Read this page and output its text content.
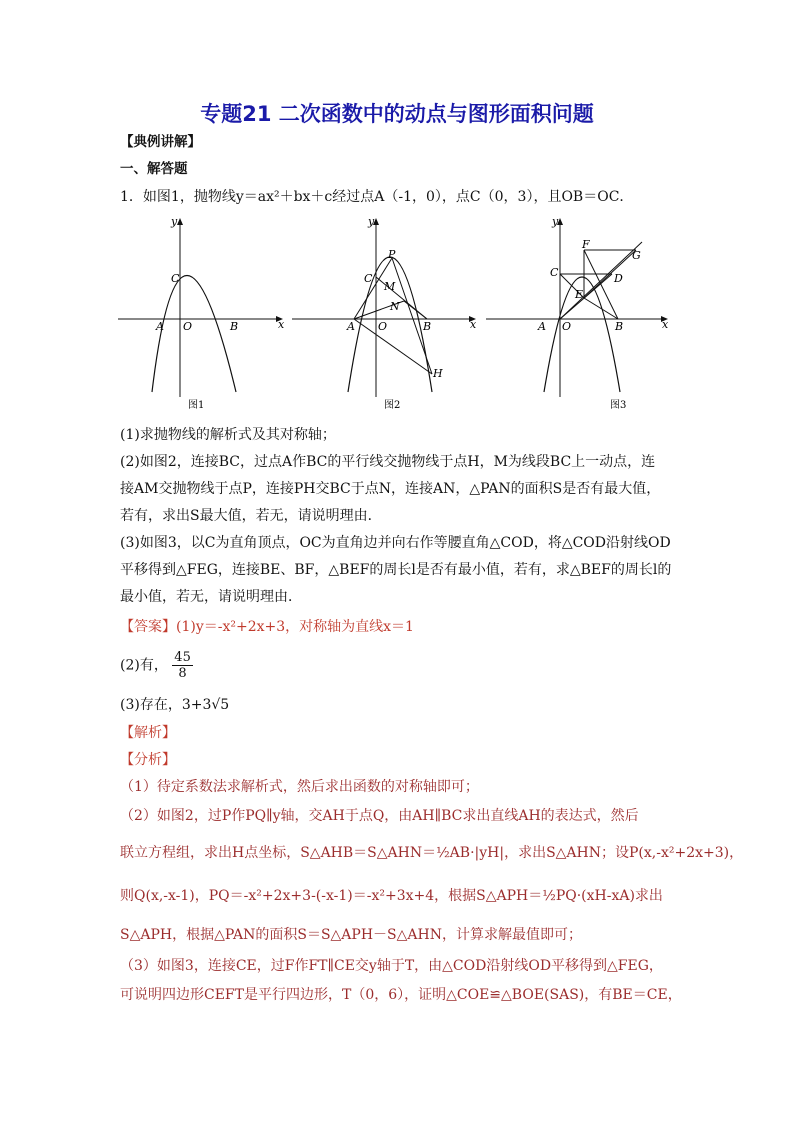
专题21 二次函数中的动点与图形面积问题
【典例讲解】
一、解答题
1．如图1，抛物线y＝ax²＋bx＋c经过点A（-1，0），点C（0，3），且OB＝OC．
y
C
A O	B	x
图1
y
P
C
M
N
A O	B	x
H
图2
y
F
G
C	D
E
A O	B	x
图3
(1)求抛物线的解析式及其对称轴；
(2)如图2，连接BC，过点A作BC的平行线交抛物线于点H，M为线段BC上一动点，连
接AM交抛物线于点P，连接PH交BC于点N，连接AN，△PAN的面积S是否有最大值，
若有，求出S最大值，若无，请说明理由．
(3)如图3，以C为直角顶点，OC为直角边并向右作等腰直角△COD，将△COD沿射线OD
平移得到△FEG，连接BE、BF，△BEF的周长l是否有最小值，若有，求△BEF的周长l的
最小值，若无，请说明理由．
【答案】(1)y＝-x²+2x+3，对称轴为直线x＝1
(2)有， $\frac{45}{8}$
(3)存在，3+3√5
【解析】
【分析】
（1）待定系数法求解析式，然后求出函数的对称轴即可；
（2）如图2，过P作PQ∥y轴，交AH于点Q，由AH∥BC求出直线AH的表达式，然后
联立方程组，求出H点坐标，S△AHB＝S△AHN＝½AB·|yH|，求出S△AHN；设P(x,-x²+2x+3)，
则Q(x,-x-1)，PQ＝-x²+2x+3-(-x-1)＝-x²+3x+4，根据S△APH＝½PQ·(xH-xA)求出
S△APH，根据△PAN的面积S＝S△APH－S△AHN，计算求解最值即可；
（3）如图3，连接CE，过F作FT∥CE交y轴于T，由△COD沿射线OD平移得到△FEG，
可说明四边形CEFT是平行四边形，T（0，6），证明△COE≌△BOE(SAS)，有BE＝CE，
